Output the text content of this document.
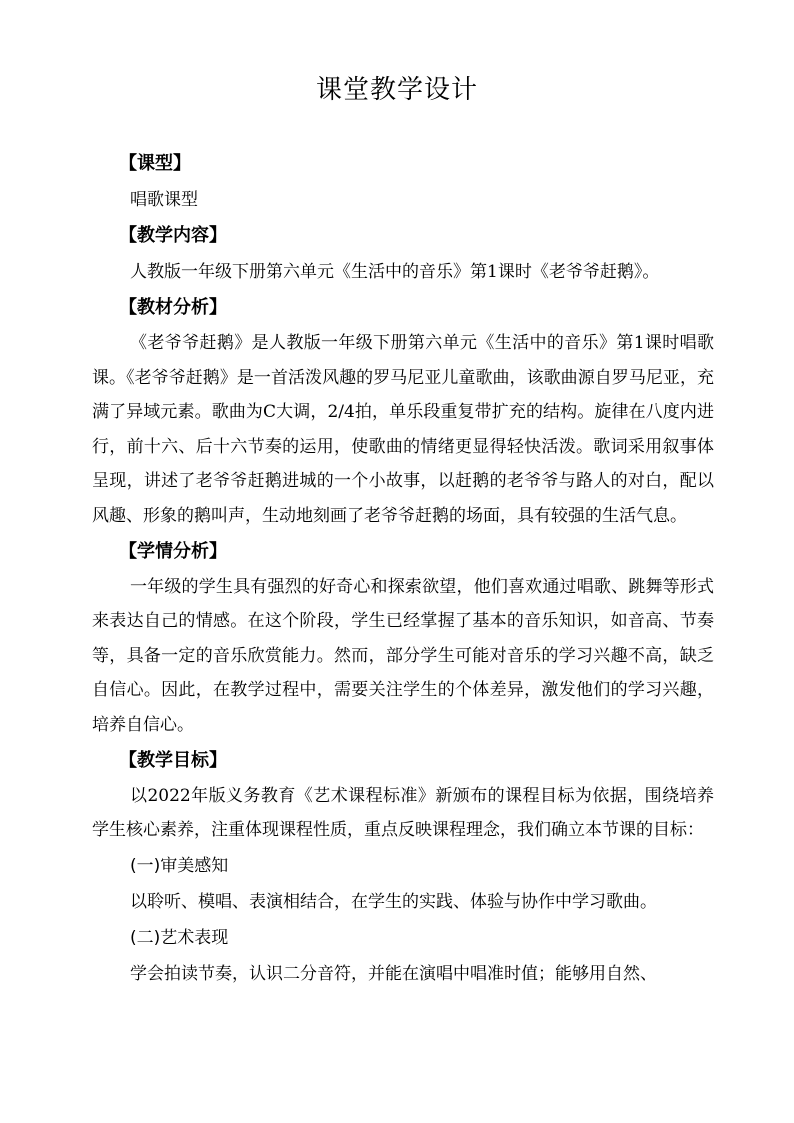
课堂教学设计
【课型】

唱歌课型

【教学内容】

人教版一年级下册第六单元《生活中的音乐》第1课时《老爷爷赶鹅》。

【教材分析】

《老爷爷赶鹅》是人教版一年级下册第六单元《生活中的音乐》第1课时唱歌课。《老爷爷赶鹅》是一首活泼风趣的罗马尼亚儿童歌曲，该歌曲源自罗马尼亚，充满了异域元素。歌曲为C大调，2/4拍，单乐段重复带扩充的结构。旋律在八度内进行，前十六、后十六节奏的运用，使歌曲的情绪更显得轻快活泼。歌词采用叙事体呈现，讲述了老爷爷赶鹅进城的一个小故事，以赶鹅的老爷爷与路人的对白，配以风趣、形象的鹅叫声，生动地刻画了老爷爷赶鹅的场面，具有较强的生活气息。

【学情分析】

一年级的学生具有强烈的好奇心和探索欲望，他们喜欢通过唱歌、跳舞等形式来表达自己的情感。在这个阶段，学生已经掌握了基本的音乐知识，如音高、节奏等，具备一定的音乐欣赏能力。然而，部分学生可能对音乐的学习兴趣不高，缺乏自信心。因此，在教学过程中，需要关注学生的个体差异，激发他们的学习兴趣，培养自信心。

【教学目标】

以2022年版义务教育《艺术课程标准》新颁布的课程目标为依据，围绕培养学生核心素养，注重体现课程性质，重点反映课程理念，我们确立本节课的目标：

(一)审美感知

以聆听、模唱、表演相结合，在学生的实践、体验与协作中学习歌曲。

(二)艺术表现

学会拍读节奏，认识二分音符，并能在演唱中唱准时值；能够用自然、
